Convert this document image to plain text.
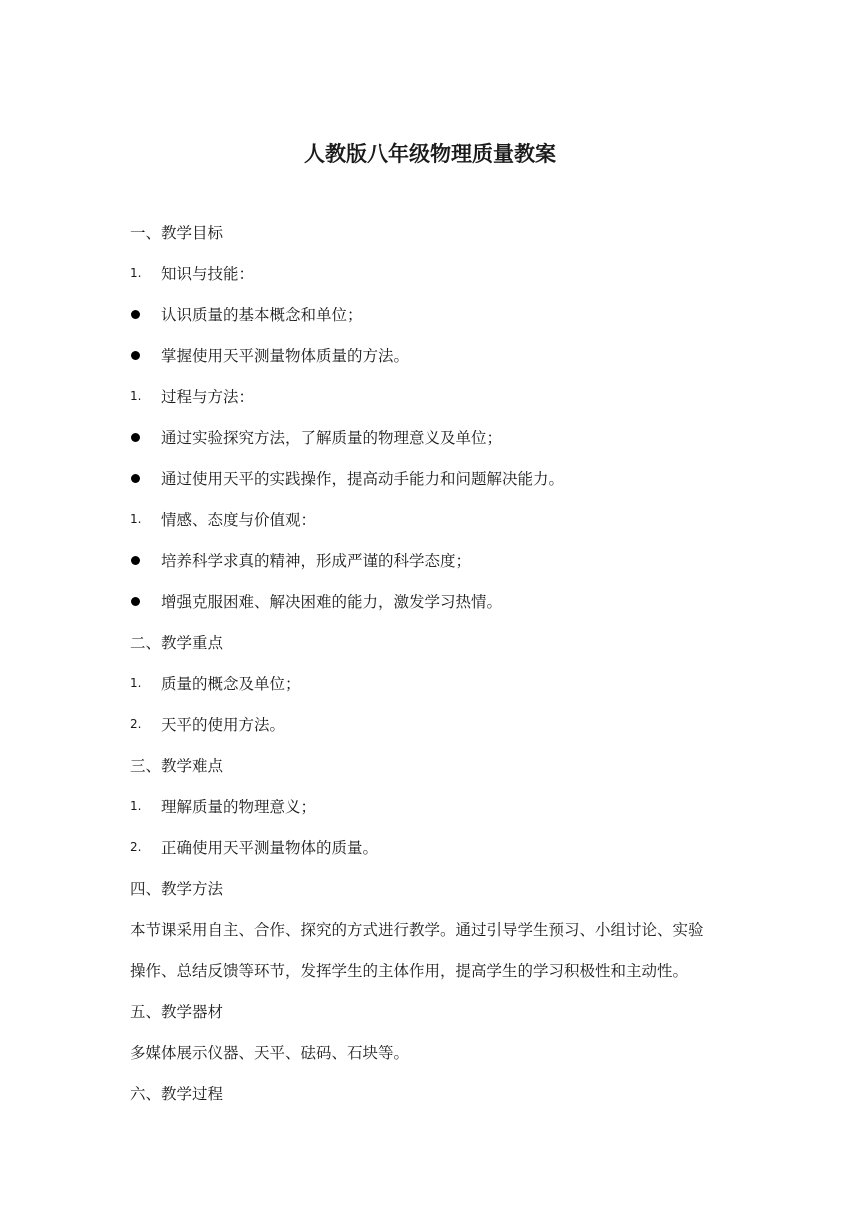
人教版八年级物理质量教案
一、教学目标
1.	知识与技能：
认识质量的基本概念和单位；
掌握使用天平测量物体质量的方法。
1.	过程与方法：
通过实验探究方法，了解质量的物理意义及单位；
通过使用天平的实践操作，提高动手能力和问题解决能力。
1.	情感、态度与价值观：
培养科学求真的精神，形成严谨的科学态度；
增强克服困难、解决困难的能力，激发学习热情。
二、教学重点
1.	质量的概念及单位；
2.	天平的使用方法。
三、教学难点
1.	理解质量的物理意义；
2.	正确使用天平测量物体的质量。
四、教学方法
本节课采用自主、合作、探究的方式进行教学。通过引导学生预习、小组讨论、实验
操作、总结反馈等环节，发挥学生的主体作用，提高学生的学习积极性和主动性。
五、教学器材
多媒体展示仪器、天平、砝码、石块等。
六、教学过程
